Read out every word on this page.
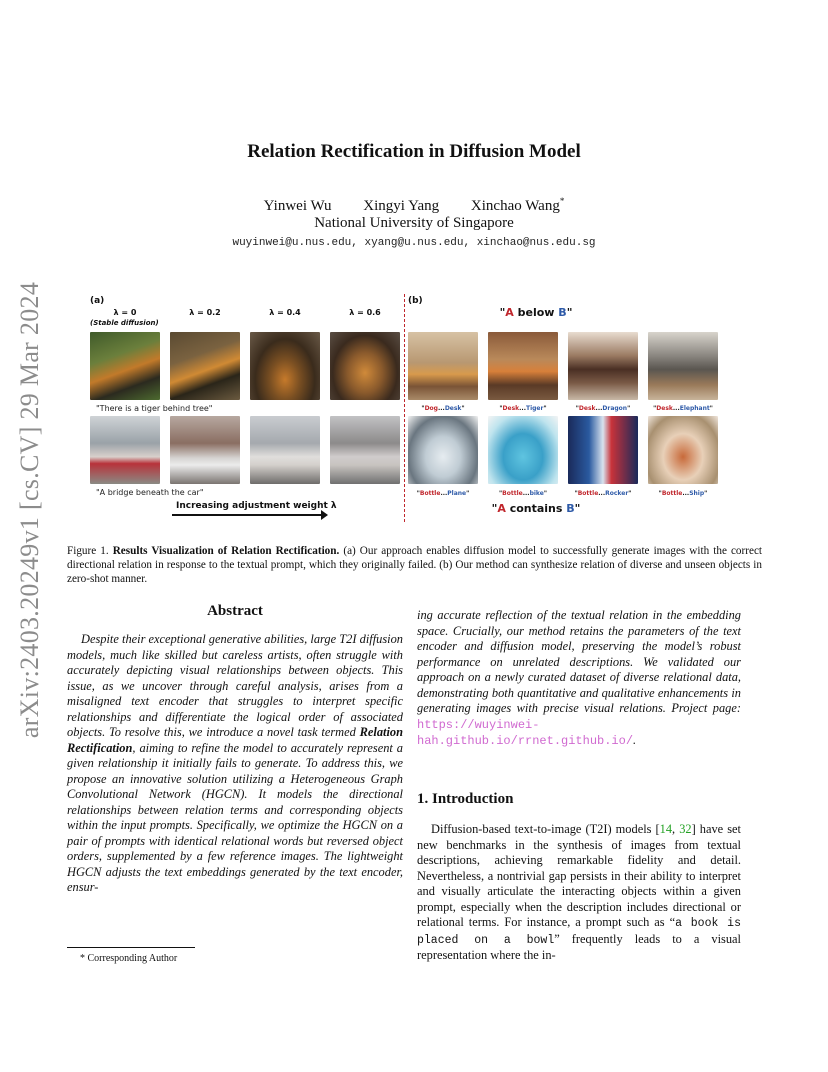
arXiv:2403.20249v1 [cs.CV] 29 Mar 2024
Relation Rectification in Diffusion Model
Yinwei Wu Xingyi Yang Xinchao Wang*
National University of Singapore
wuyinwei@u.nus.edu, xyang@u.nus.edu, xinchao@nus.edu.sg
(a)	(b)
λ = 0
(Stable diffusion)
λ = 0.2	λ = 0.4	λ = 0.6
"There is a tiger behind tree"
"A bridge beneath the car"
Increasing adjustment weight λ
"A below B"
"Dog...Desk"	"Desk...Tiger"	"Desk...Dragon"	"Desk...Elephant"
"Bottle...Plane"	"Bottle...bike"	"Bottle...Rocker"	"Bottle...Ship"
"A contains B"
Figure 1. Results Visualization of Relation Rectification. (a) Our approach enables diffusion model to successfully generate images with the correct directional relation in response to the textual prompt, which they originally failed. (b) Our method can synthesize relation of diverse and unseen objects in zero-shot manner.
Abstract

Despite their exceptional generative abilities, large T2I diffusion models, much like skilled but careless artists, often struggle with accurately depicting visual relationships between objects. This issue, as we uncover through careful analysis, arises from a misaligned text encoder that struggles to interpret specific relationships and differentiate the logical order of associated objects. To resolve this, we introduce a novel task termed Relation Rectification, aiming to refine the model to accurately represent a given relationship it initially fails to generate. To address this, we propose an innovative solution utilizing a Heterogeneous Graph Convolutional Network (HGCN). It models the directional relationships between relation terms and corresponding objects within the input prompts. Specifically, we optimize the HGCN on a pair of prompts with identical relational words but reversed object orders, supplemented by a few reference images. The lightweight HGCN adjusts the text embeddings generated by the text encoder, ensur-

ing accurate reflection of the textual relation in the embedding space. Crucially, our method retains the parameters of the text encoder and diffusion model, preserving the model’s robust performance on unrelated descriptions. We validated our approach on a newly curated dataset of diverse relational data, demonstrating both quantitative and qualitative enhancements in generating images with precise visual relations. Project page: https://wuyinwei-hah.github.io/rrnet.github.io/.

1. Introduction

Diffusion-based text-to-image (T2I) models [14, 32] have set new benchmarks in the synthesis of images from textual descriptions, achieving remarkable fidelity and detail. Nevertheless, a nontrivial gap persists in their ability to interpret and visually articulate the interacting objects within a given prompt, especially when the description includes directional or relational terms. For instance, a prompt such as “a book is placed on a bowl” frequently leads to a visual representation where the in-

* Corresponding Author
